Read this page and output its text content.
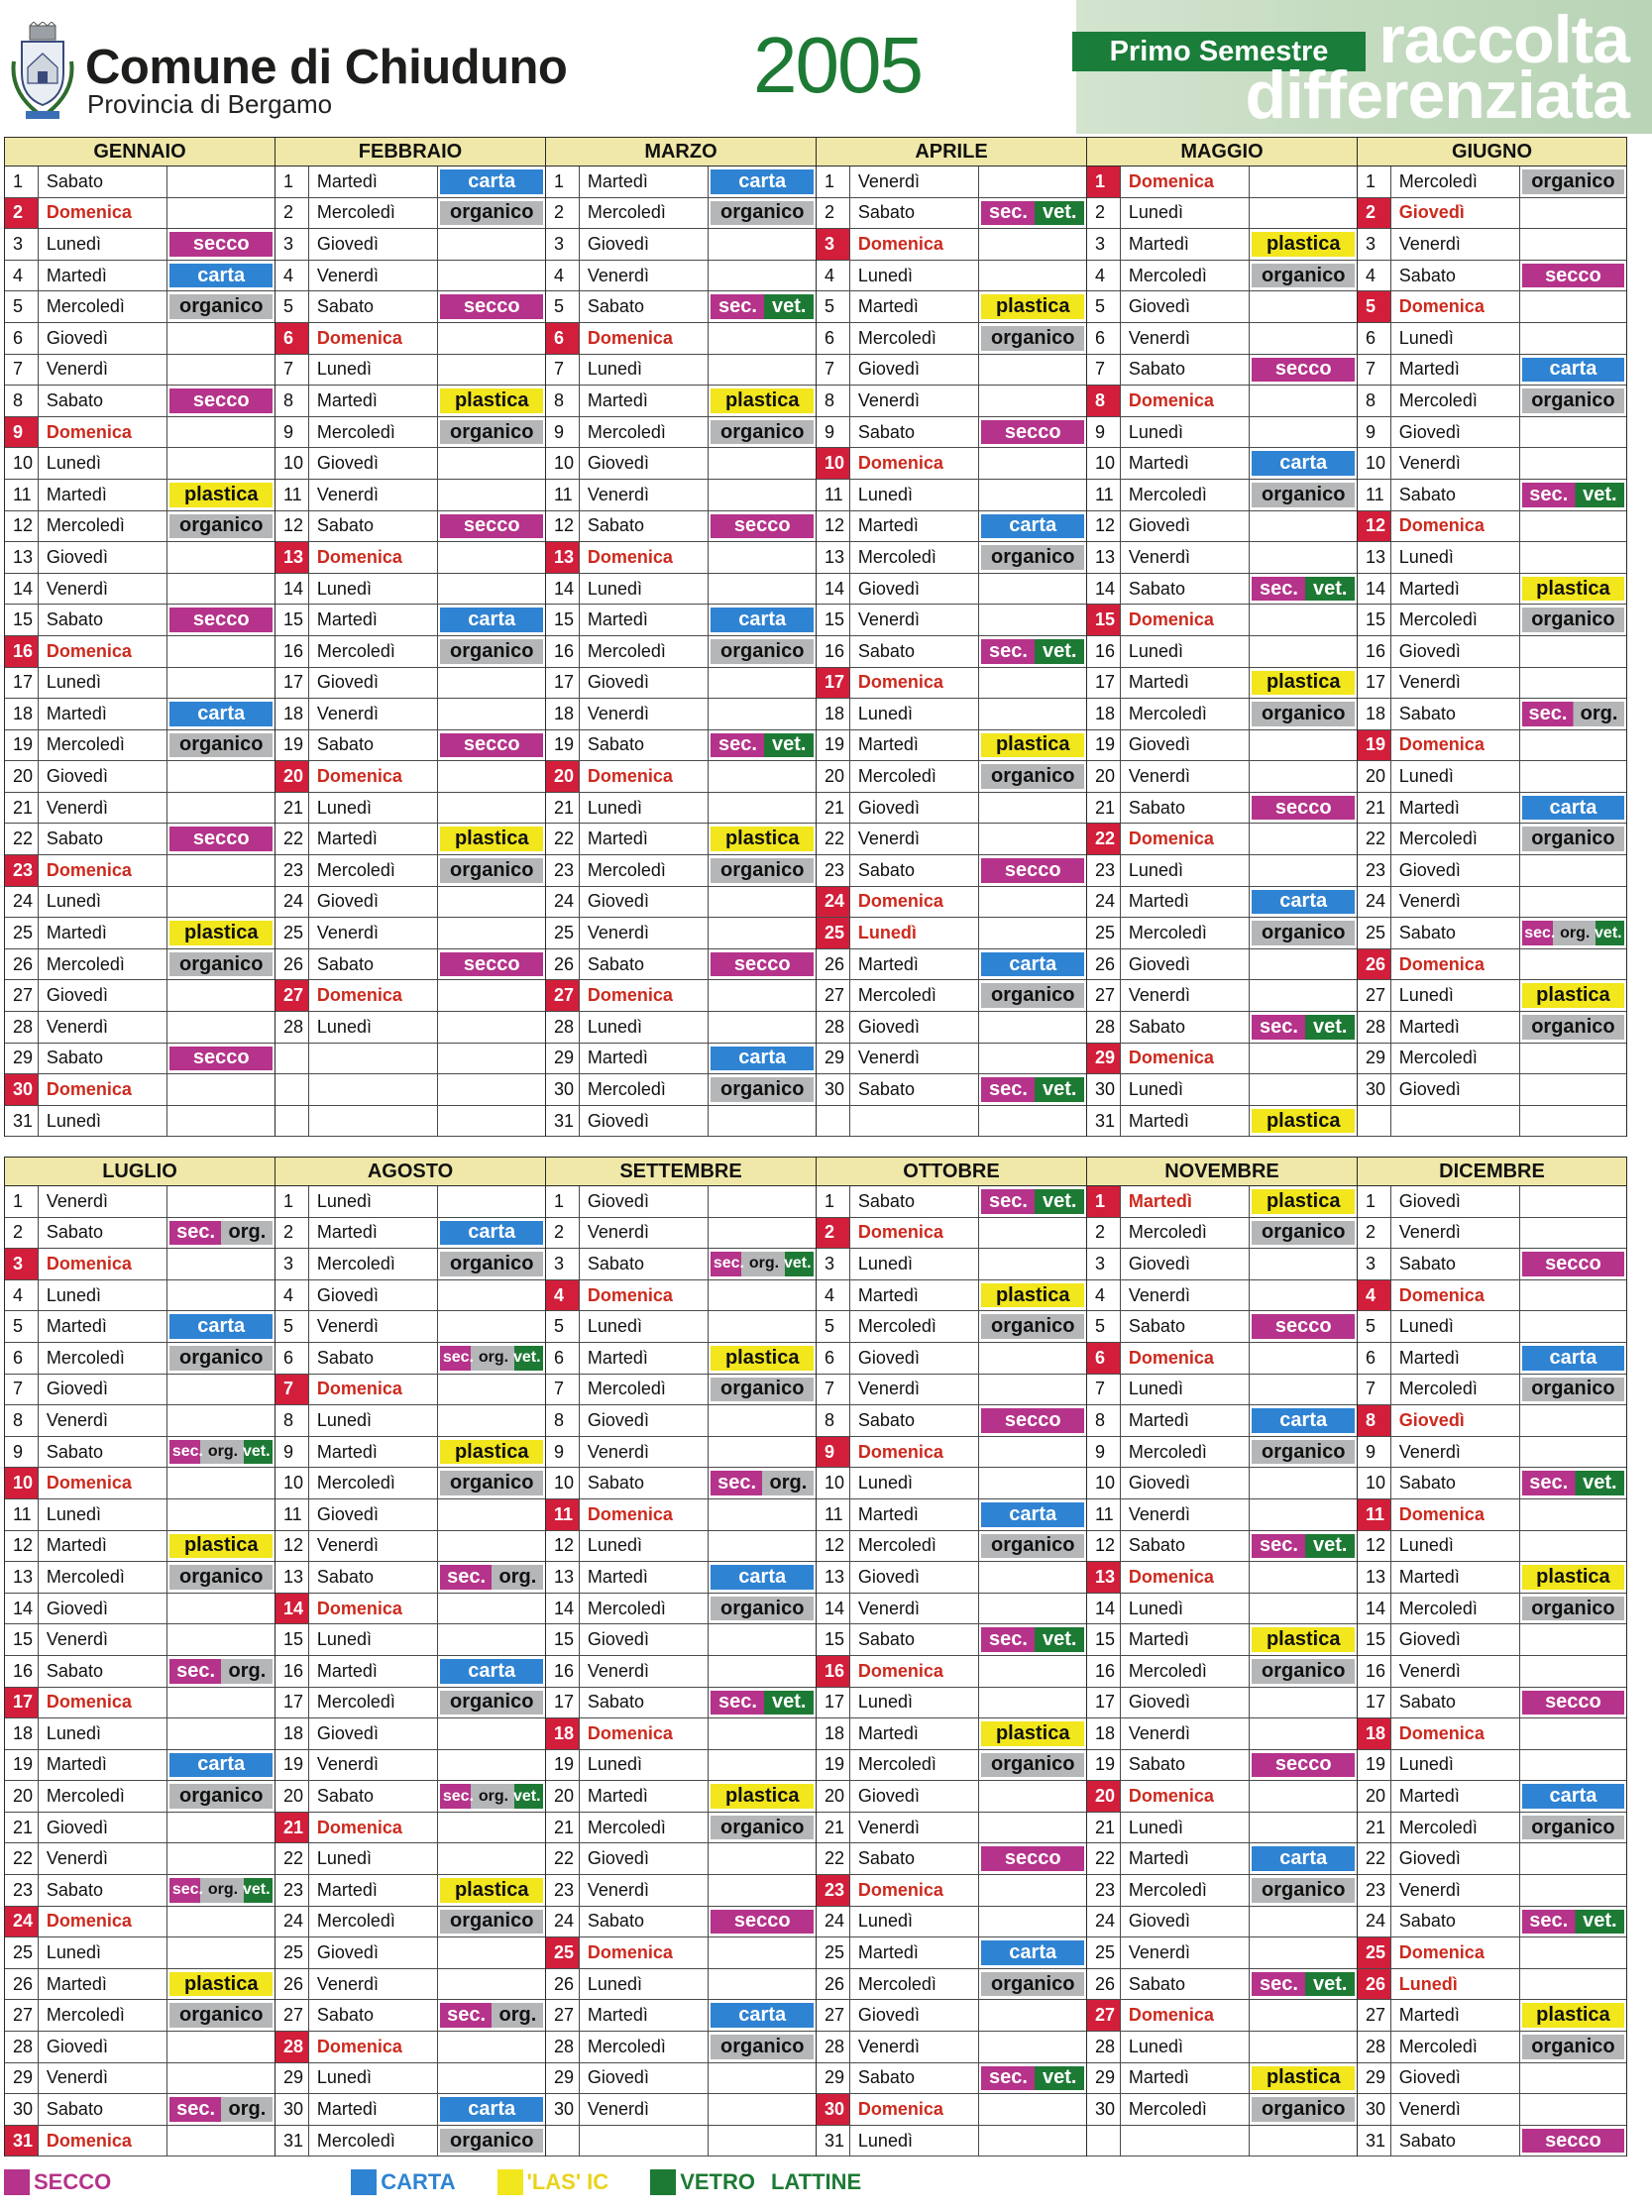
Comune di Chiuduno
Provincia di Bergamo	2005	Primo Semestre raccolta
differenziata
GENNAIO
1	Sabato
2	Domenica
3	Lunedì	secco
4	Martedì	carta
5	Mercoledì	organico
6	Giovedì
7	Venerdì
8	Sabato	secco
9	Domenica
10 Lunedì
11 Martedì	plastica
12 Mercoledì	organico
13 Giovedì
14 Venerdì
15 Sabato	secco
16 Domenica
17 Lunedì
18 Martedì	carta
19 Mercoledì	organico
20 Giovedì
21 Venerdì
22 Sabato	secco
23 Domenica
24 Lunedì
25 Martedì	plastica
26 Mercoledì	organico
27 Giovedì
28 Venerdì
29 Sabato	secco
30 Domenica
31 Lunedì
FEBBRAIO
1	Martedì	carta
2	Mercoledì	organico
3	Giovedì
4	Venerdì
5	Sabato	secco
6	Domenica
7	Lunedì
8	Martedì	plastica
9	Mercoledì	organico
10 Giovedì
11 Venerdì
12 Sabato	secco
13 Domenica
14 Lunedì
15 Martedì	carta
16 Mercoledì	organico
17 Giovedì
18 Venerdì
19 Sabato	secco
20 Domenica
21 Lunedì
22 Martedì	plastica
23 Mercoledì	organico
24 Giovedì
25 Venerdì
26 Sabato	secco
27 Domenica
28 Lunedì
MARZO
1	Martedì	carta
2	Mercoledì	organico
3	Giovedì
4	Venerdì
5	Sabato	sec. vet.
6	Domenica
7	Lunedì
8	Martedì	plastica
9	Mercoledì	organico
10 Giovedì
11 Venerdì
12 Sabato	secco
13 Domenica
14 Lunedì
15 Martedì	carta
16 Mercoledì	organico
17 Giovedì
18 Venerdì
19 Sabato	sec. vet.
20 Domenica
21 Lunedì
22 Martedì	plastica
23 Mercoledì	organico
24 Giovedì
25 Venerdì
26 Sabato	secco
27 Domenica
28 Lunedì
29 Martedì	carta
30 Mercoledì	organico
31 Giovedì
APRILE
1	Venerdì
2	Sabato	sec. vet.
3	Domenica
4	Lunedì
5	Martedì	plastica
6	Mercoledì	organico
7	Giovedì
8	Venerdì
9	Sabato	secco
10 Domenica
11 Lunedì
12 Martedì	carta
13 Mercoledì	organico
14 Giovedì
15 Venerdì
16 Sabato	sec. vet.
17 Domenica
18 Lunedì
19 Martedì	plastica
20 Mercoledì	organico
21 Giovedì
22 Venerdì
23 Sabato	secco
24 Domenica
25 Lunedì
26 Martedì	carta
27 Mercoledì	organico
28 Giovedì
29 Venerdì
30 Sabato	sec. vet.
MAGGIO
1	Domenica
2	Lunedì
3	Martedì	plastica
4	Mercoledì	organico
5	Giovedì
6	Venerdì
7	Sabato	secco
8	Domenica
9	Lunedì
10 Martedì	carta
11 Mercoledì	organico
12 Giovedì
13 Venerdì
14 Sabato	sec. vet.
15 Domenica
16 Lunedì
17 Martedì	plastica
18 Mercoledì	organico
19 Giovedì
20 Venerdì
21 Sabato	secco
22 Domenica
23 Lunedì
24 Martedì	carta
25 Mercoledì	organico
26 Giovedì
27 Venerdì
28 Sabato	sec. vet.
29 Domenica
30 Lunedì
31 Martedì	plastica
GIUGNO
1	Mercoledì	organico
2	Giovedì
3	Venerdì
4	Sabato	secco
5	Domenica
6	Lunedì
7	Martedì	carta
8	Mercoledì	organico
9	Giovedì
10 Venerdì
11 Sabato	sec. vet.
12 Domenica
13 Lunedì
14 Martedì	plastica
15 Mercoledì	organico
16 Giovedì
17 Venerdì
18 Sabato	sec. org.
19 Domenica
20 Lunedì
21 Martedì	carta
22 Mercoledì	organico
23 Giovedì
24 Venerdì
25 Sabato	sec. org. vet.
26 Domenica
27 Lunedì	plastica
28 Martedì	organico
29 Mercoledì
30 Giovedì
LUGLIO
1	Venerdì
2	Sabato	sec. org.
3	Domenica
4	Lunedì
5	Martedì	carta
6	Mercoledì	organico
7	Giovedì
8	Venerdì
9	Sabato	sec. org. vet.
10 Domenica
11 Lunedì
12 Martedì	plastica
13 Mercoledì	organico
14 Giovedì
15 Venerdì
16 Sabato	sec. org.
17 Domenica
18 Lunedì
19 Martedì	carta
20 Mercoledì	organico
21 Giovedì
22 Venerdì
23 Sabato	sec. org. vet.
24 Domenica
25 Lunedì
26 Martedì	plastica
27 Mercoledì	organico
28 Giovedì
29 Venerdì
30 Sabato	sec. org.
31 Domenica
AGOSTO
1	Lunedì
2	Martedì	carta
3	Mercoledì	organico
4	Giovedì
5	Venerdì
6	Sabato	sec. org. vet.
7	Domenica
8	Lunedì
9	Martedì	plastica
10 Mercoledì	organico
11 Giovedì
12 Venerdì
13 Sabato	sec. org.
14 Domenica
15 Lunedì
16 Martedì	carta
17 Mercoledì	organico
18 Giovedì
19 Venerdì
20 Sabato	sec. org. vet.
21 Domenica
22 Lunedì
23 Martedì	plastica
24 Mercoledì	organico
25 Giovedì
26 Venerdì
27 Sabato	sec. org.
28 Domenica
29 Lunedì
30 Martedì	carta
31 Mercoledì	organico
SETTEMBRE
1	Giovedì
2	Venerdì
3	Sabato	sec. org. vet.
4	Domenica
5	Lunedì
6	Martedì	plastica
7	Mercoledì	organico
8	Giovedì
9	Venerdì
10 Sabato	sec. org.
11 Domenica
12 Lunedì
13 Martedì	carta
14 Mercoledì	organico
15 Giovedì
16 Venerdì
17 Sabato	sec. vet.
18 Domenica
19 Lunedì
20 Martedì	plastica
21 Mercoledì	organico
22 Giovedì
23 Venerdì
24 Sabato	secco
25 Domenica
26 Lunedì
27 Martedì	carta
28 Mercoledì	organico
29 Giovedì
30 Venerdì
OTTOBRE
1	Sabato	sec. vet.
2	Domenica
3	Lunedì
4	Martedì	plastica
5	Mercoledì	organico
6	Giovedì
7	Venerdì
8	Sabato	secco
9	Domenica
10 Lunedì
11 Martedì	carta
12 Mercoledì	organico
13 Giovedì
14 Venerdì
15 Sabato	sec. vet.
16 Domenica
17 Lunedì
18 Martedì	plastica
19 Mercoledì	organico
20 Giovedì
21 Venerdì
22 Sabato	secco
23 Domenica
24 Lunedì
25 Martedì	carta
26 Mercoledì	organico
27 Giovedì
28 Venerdì
29 Sabato	sec. vet.
30 Domenica
31 Lunedì
NOVEMBRE
1	Martedì	plastica
2	Mercoledì	organico
3	Giovedì
4	Venerdì
5	Sabato	secco
6	Domenica
7	Lunedì
8	Martedì	carta
9	Mercoledì	organico
10 Giovedì
11 Venerdì
12 Sabato	sec. vet.
13 Domenica
14 Lunedì
15 Martedì	plastica
16 Mercoledì	organico
17 Giovedì
18 Venerdì
19 Sabato	secco
20 Domenica
21 Lunedì
22 Martedì	carta
23 Mercoledì	organico
24 Giovedì
25 Venerdì
26 Sabato	sec. vet.
27 Domenica
28 Lunedì
29 Martedì	plastica
30 Mercoledì	organico
DICEMBRE
1	Giovedì
2	Venerdì
3	Sabato	secco
4	Domenica
5	Lunedì
6	Martedì	carta
7	Mercoledì	organico
8	Giovedì
9	Venerdì
10 Sabato	sec. vet.
11 Domenica
12 Lunedì
13 Martedì	plastica
14 Mercoledì	organico
15 Giovedì
16 Venerdì
17 Sabato	secco
18 Domenica
19 Lunedì
20 Martedì	carta
21 Mercoledì	organico
22 Giovedì
23 Venerdì
24 Sabato	sec. vet.
25 Domenica
26 Lunedì
27 Martedì	plastica
28 Mercoledì	organico
29 Giovedì
30 Venerdì
31 Sabato	secco
SECCO	CARTA	'LAS' IC	VETRO LATTINE
